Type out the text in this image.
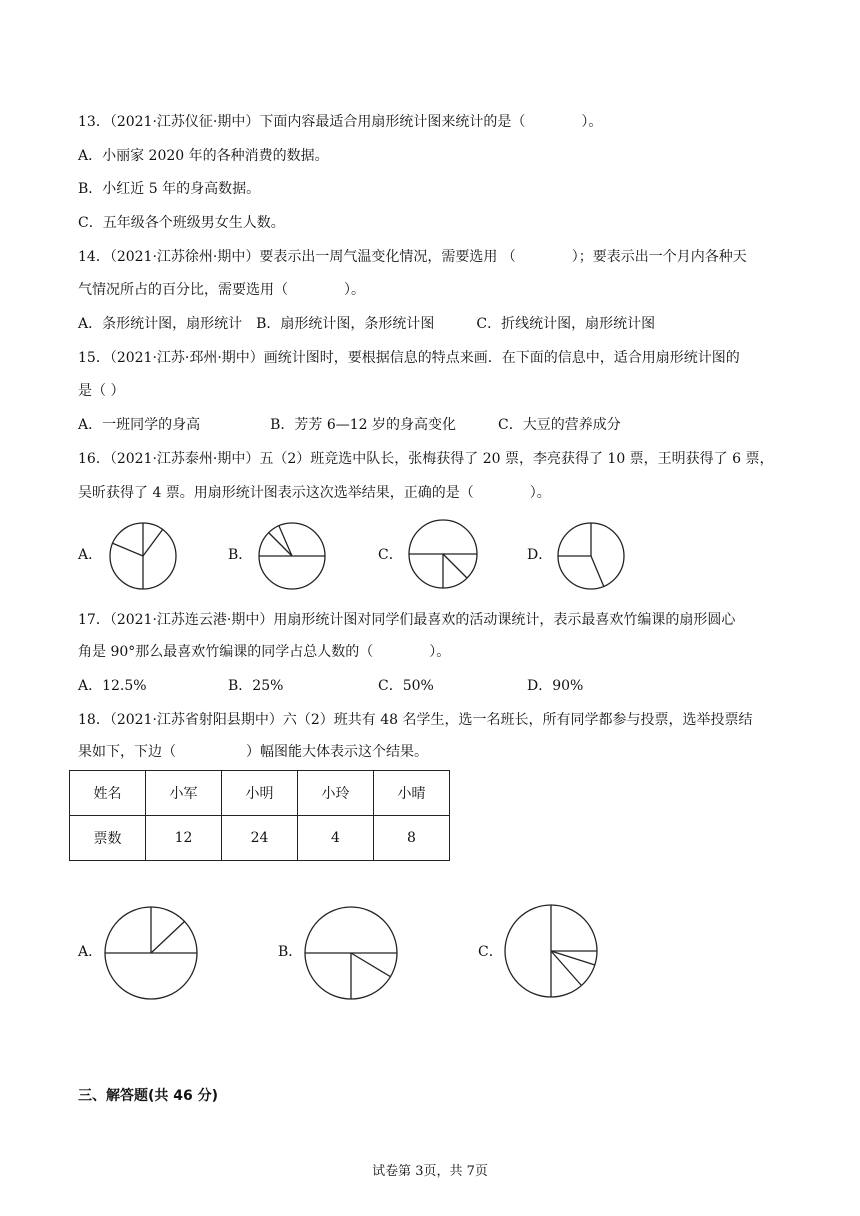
13．（2021·江苏仪征·期中）下面内容最适合用扇形统计图来统计的是（　　　　）。
A．小丽家 2020 年的各种消费的数据。
B．小红近 5 年的身高数据。
C．五年级各个班级男女生人数。
14．（2021·江苏徐州·期中）要表示出一周气温变化情况，需要选用 （　　　　）；要表示出一个月内各种天
气情况所占的百分比，需要选用（　　　　）。
A．条形统计图，扇形统计　B．扇形统计图，条形统计图　　　C．折线统计图，扇形统计图
15．（2021·江苏·邳州·期中）画统计图时，要根据信息的特点来画．在下面的信息中，适合用扇形统计图的
是（ ）
A．一班同学的身高　　　　　B．芳芳 6—12 岁的身高变化　　　C．大豆的营养成分
16．（2021·江苏泰州·期中）五（2）班竞选中队长，张梅获得了 20 票，李亮获得了 10 票，王明获得了 6 票，
吴昕获得了 4 票。用扇形统计图表示这次选举结果，正确的是（　　　　）。
A．	B．	C．	D．
17．（2021·江苏连云港·期中）用扇形统计图对同学们最喜欢的活动课统计，表示最喜欢竹编课的扇形圆心
角是 90°那么最喜欢竹编课的同学占总人数的（　　　　）。
A．12.5%	B．25%	C．50%	D．90%
18．（2021·江苏省射阳县期中）六（2）班共有 48 名学生，选一名班长，所有同学都参与投票，选举投票结
果如下，下边（　　　　　）幅图能大体表示这个结果。
姓名	小军	小明	小玲	小晴
票数	12	24	4	8
A．	B．	C．
三、解答题(共 46 分)
试卷第 3页，共 7页
